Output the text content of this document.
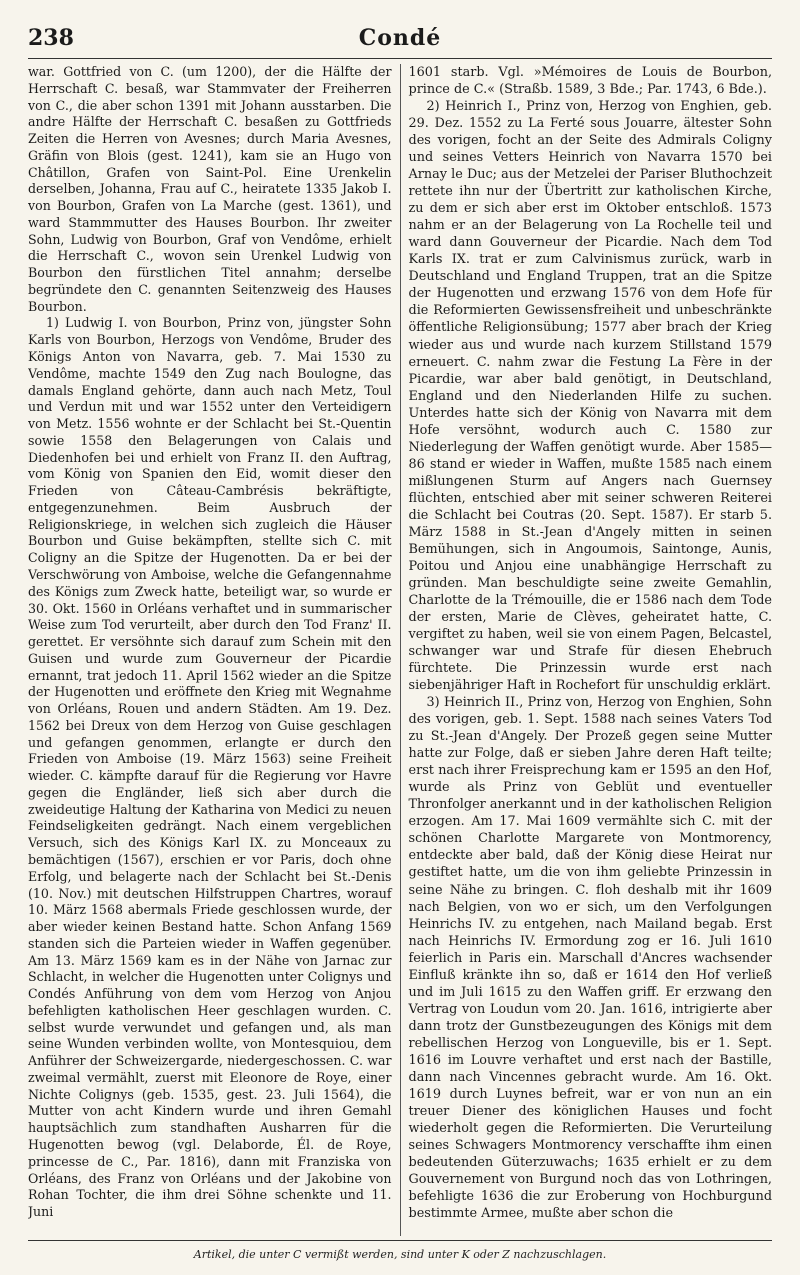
238	Condé

war. Gottfried von C. (um 1200), der die Hälfte der Herrschaft C. besaß, war Stammvater der Freiherren von C., die aber schon 1391 mit Johann ausstarben. Die andre Hälfte der Herrschaft C. besaßen zu Gottfrieds Zeiten die Herren von Avesnes; durch Maria Avesnes, Gräfin von Blois (gest. 1241), kam sie an Hugo von Châtillon, Grafen von Saint-Pol. Eine Urenkelin derselben, Johanna, Frau auf C., heiratete 1335 Jakob I. von Bourbon, Grafen von La Marche (gest. 1361), und ward Stammmutter des Hauses Bourbon. Ihr zweiter Sohn, Ludwig von Bourbon, Graf von Vendôme, erhielt die Herrschaft C., wovon sein Urenkel Ludwig von Bourbon den fürstlichen Titel annahm; derselbe begründete den C. genannten Seitenzweig des Hauses Bourbon.

1) Ludwig I. von Bourbon, Prinz von, jüngster Sohn Karls von Bourbon, Herzogs von Vendôme, Bruder des Königs Anton von Navarra, geb. 7. Mai 1530 zu Vendôme, machte 1549 den Zug nach Boulogne, das damals England gehörte, dann auch nach Metz, Toul und Verdun mit und war 1552 unter den Verteidigern von Metz. 1556 wohnte er der Schlacht bei St.-Quentin sowie 1558 den Belagerungen von Calais und Diedenhofen bei und erhielt von Franz II. den Auftrag, vom König von Spanien den Eid, womit dieser den Frieden von Câteau-Cambrésis bekräftigte, entgegenzunehmen. Beim Ausbruch der Religionskriege, in welchen sich zugleich die Häuser Bourbon und Guise bekämpften, stellte sich C. mit Coligny an die Spitze der Hugenotten. Da er bei der Verschwörung von Amboise, welche die Gefangennahme des Königs zum Zweck hatte, beteiligt war, so wurde er 30. Okt. 1560 in Orléans verhaftet und in summarischer Weise zum Tod verurteilt, aber durch den Tod Franz' II. gerettet. Er versöhnte sich darauf zum Schein mit den Guisen und wurde zum Gouverneur der Picardie ernannt, trat jedoch 11. April 1562 wieder an die Spitze der Hugenotten und eröffnete den Krieg mit Wegnahme von Orléans, Rouen und andern Städten. Am 19. Dez. 1562 bei Dreux von dem Herzog von Guise geschlagen und gefangen genommen, erlangte er durch den Frieden von Amboise (19. März 1563) seine Freiheit wieder. C. kämpfte darauf für die Regierung vor Havre gegen die Engländer, ließ sich aber durch die zweideutige Haltung der Katharina von Medici zu neuen Feindseligkeiten gedrängt. Nach einem vergeblichen Versuch, sich des Königs Karl IX. zu Monceaux zu bemächtigen (1567), erschien er vor Paris, doch ohne Erfolg, und belagerte nach der Schlacht bei St.-Denis (10. Nov.) mit deutschen Hilfstruppen Chartres, worauf 10. März 1568 abermals Friede geschlossen wurde, der aber wieder keinen Bestand hatte. Schon Anfang 1569 standen sich die Parteien wieder in Waffen gegenüber. Am 13. März 1569 kam es in der Nähe von Jarnac zur Schlacht, in welcher die Hugenotten unter Colignys und Condés Anführung von dem vom Herzog von Anjou befehligten katholischen Heer geschlagen wurden. C. selbst wurde verwundet und gefangen und, als man seine Wunden verbinden wollte, von Montesquiou, dem Anführer der Schweizergarde, niedergeschossen. C. war zweimal vermählt, zuerst mit Eleonore de Roye, einer Nichte Colignys (geb. 1535, gest. 23. Juli 1564), die Mutter von acht Kindern wurde und ihren Gemahl hauptsächlich zum standhaften Ausharren für die Hugenotten bewog (vgl. Delaborde, Él. de Roye, princesse de C., Par. 1816), dann mit Franziska von Orléans, des Franz von Orléans und der Jakobine von Rohan Tochter, die ihm drei Söhne schenkte und 11. Juni

1601 starb. Vgl. »Mémoires de Louis de Bourbon, prince de C.« (Straßb. 1589, 3 Bde.; Par. 1743, 6 Bde.).

2) Heinrich I., Prinz von, Herzog von Enghien, geb. 29. Dez. 1552 zu La Ferté sous Jouarre, ältester Sohn des vorigen, focht an der Seite des Admirals Coligny und seines Vetters Heinrich von Navarra 1570 bei Arnay le Duc; aus der Metzelei der Pariser Bluthochzeit rettete ihn nur der Übertritt zur katholischen Kirche, zu dem er sich aber erst im Oktober entschloß. 1573 nahm er an der Belagerung von La Rochelle teil und ward dann Gouverneur der Picardie. Nach dem Tod Karls IX. trat er zum Calvinismus zurück, warb in Deutschland und England Truppen, trat an die Spitze der Hugenotten und erzwang 1576 von dem Hofe für die Reformierten Gewissensfreiheit und unbeschränkte öffentliche Religionsübung; 1577 aber brach der Krieg wieder aus und wurde nach kurzem Stillstand 1579 erneuert. C. nahm zwar die Festung La Fère in der Picardie, war aber bald genötigt, in Deutschland, England und den Niederlanden Hilfe zu suchen. Unterdes hatte sich der König von Navarra mit dem Hofe versöhnt, wodurch auch C. 1580 zur Niederlegung der Waffen genötigt wurde. Aber 1585—86 stand er wieder in Waffen, mußte 1585 nach einem mißlungenen Sturm auf Angers nach Guernsey flüchten, entschied aber mit seiner schweren Reiterei die Schlacht bei Coutras (20. Sept. 1587). Er starb 5. März 1588 in St.-Jean d'Angely mitten in seinen Bemühungen, sich in Angoumois, Saintonge, Aunis, Poitou und Anjou eine unabhängige Herrschaft zu gründen. Man beschuldigte seine zweite Gemahlin, Charlotte de la Trémouille, die er 1586 nach dem Tode der ersten, Marie de Clèves, geheiratet hatte, C. vergiftet zu haben, weil sie von einem Pagen, Belcastel, schwanger war und Strafe für diesen Ehebruch fürchtete. Die Prinzessin wurde erst nach siebenjähriger Haft in Rochefort für unschuldig erklärt.

3) Heinrich II., Prinz von, Herzog von Enghien, Sohn des vorigen, geb. 1. Sept. 1588 nach seines Vaters Tod zu St.-Jean d'Angely. Der Prozeß gegen seine Mutter hatte zur Folge, daß er sieben Jahre deren Haft teilte; erst nach ihrer Freisprechung kam er 1595 an den Hof, wurde als Prinz von Geblüt und eventueller Thronfolger anerkannt und in der katholischen Religion erzogen. Am 17. Mai 1609 vermählte sich C. mit der schönen Charlotte Margarete von Montmorency, entdeckte aber bald, daß der König diese Heirat nur gestiftet hatte, um die von ihm geliebte Prinzessin in seine Nähe zu bringen. C. floh deshalb mit ihr 1609 nach Belgien, von wo er sich, um den Verfolgungen Heinrichs IV. zu entgehen, nach Mailand begab. Erst nach Heinrichs IV. Ermordung zog er 16. Juli 1610 feierlich in Paris ein. Marschall d'Ancres wachsender Einfluß kränkte ihn so, daß er 1614 den Hof verließ und im Juli 1615 zu den Waffen griff. Er erzwang den Vertrag von Loudun vom 20. Jan. 1616, intrigierte aber dann trotz der Gunstbezeugungen des Königs mit dem rebellischen Herzog von Longueville, bis er 1. Sept. 1616 im Louvre verhaftet und erst nach der Bastille, dann nach Vincennes gebracht wurde. Am 16. Okt. 1619 durch Luynes befreit, war er von nun an ein treuer Diener des königlichen Hauses und focht wiederholt gegen die Reformierten. Die Verurteilung seines Schwagers Montmorency verschaffte ihm einen bedeutenden Güterzuwachs; 1635 erhielt er zu dem Gouvernement von Burgund noch das von Lothringen, befehligte 1636 die zur Eroberung von Hochburgund bestimmte Armee, mußte aber schon die

Artikel, die unter C vermißt werden, sind unter K oder Z nachzuschlagen.
